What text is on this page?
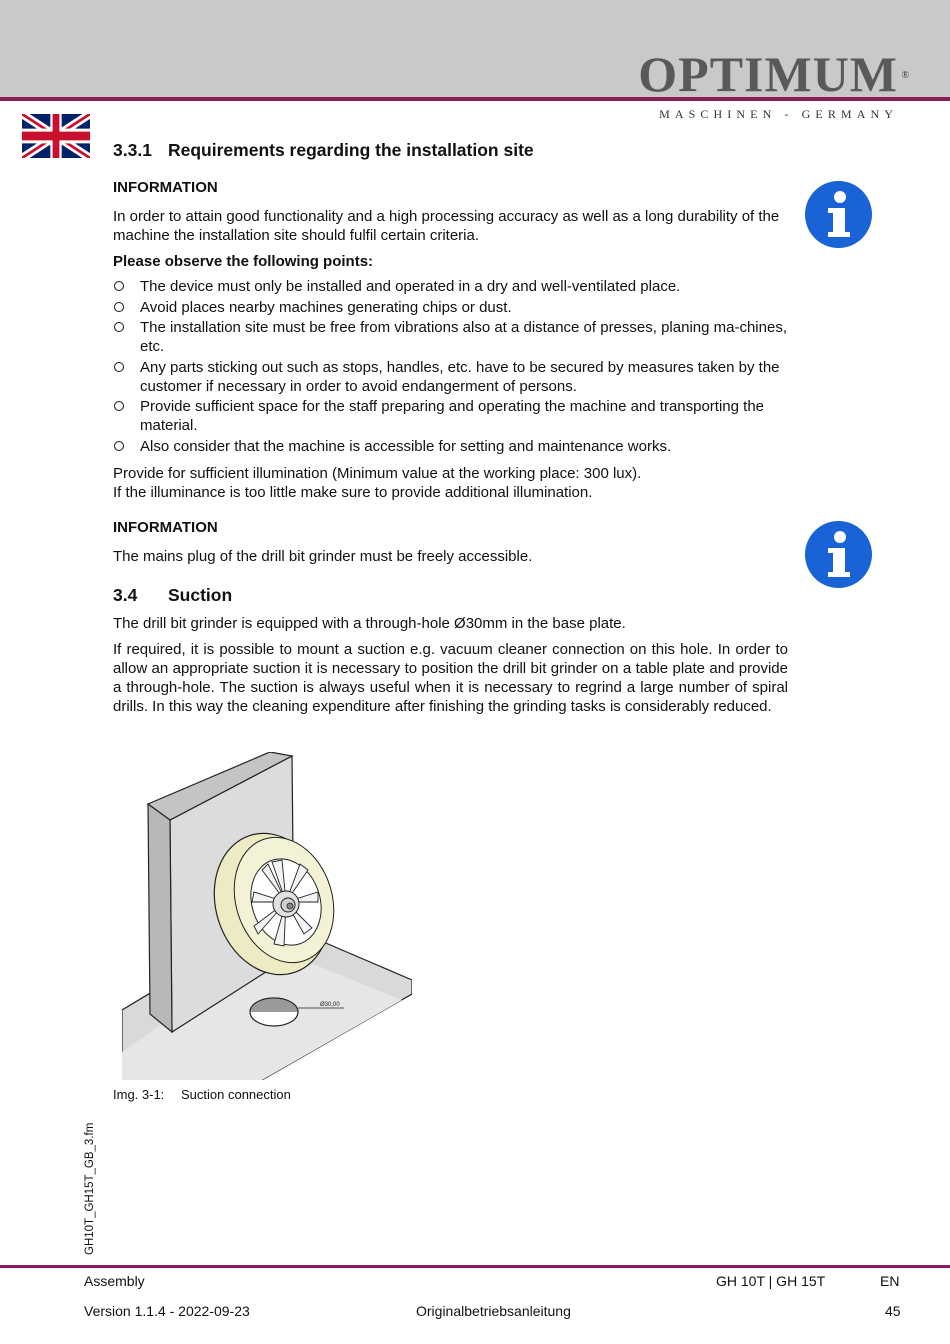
OPTIMUM ®
MASCHINEN - GERMANY
3.3.1 Requirements regarding the installation site
INFORMATION

In order to attain good functionality and a high processing accuracy as well as a long durability of the machine the installation site should fulfil certain criteria.

Please observe the following points:
The device must only be installed and operated in a dry and well-ventilated place.
Avoid places nearby machines generating chips or dust.
The installation site must be free from vibrations also at a distance of presses, planing ma-chines, etc.
Any parts sticking out such as stops, handles, etc. have to be secured by measures taken by the customer if necessary in order to avoid endangerment of persons.
Provide sufficient space for the staff preparing and operating the machine and transporting the material.
Also consider that the machine is accessible for setting and maintenance works.

Provide for sufficient illumination (Minimum value at the working place: 300 lux).

If the illuminance is too little make sure to provide additional illumination.

INFORMATION

The mains plug of the drill bit grinder must be freely accessible.

3.4 Suction

The drill bit grinder is equipped with a through-hole Ø30mm in the base plate.

If required, it is possible to mount a suction e.g. vacuum cleaner connection on this hole. In order to allow an appropriate suction it is necessary to position the drill bit grinder on a table plate and provide a through-hole. The suction is always useful when it is necessary to regrind a large number of spiral drills. In this way the cleaning expenditure after finishing the grinding tasks is considerably reduced.

Ø30,00
Img. 3-1: Suction connection
GH10T_GH15T_GB_3.fm
Assembly	GH 10T | GH 15T	EN
Version 1.1.4 - 2022-09-23	Originalbetriebsanleitung	45
